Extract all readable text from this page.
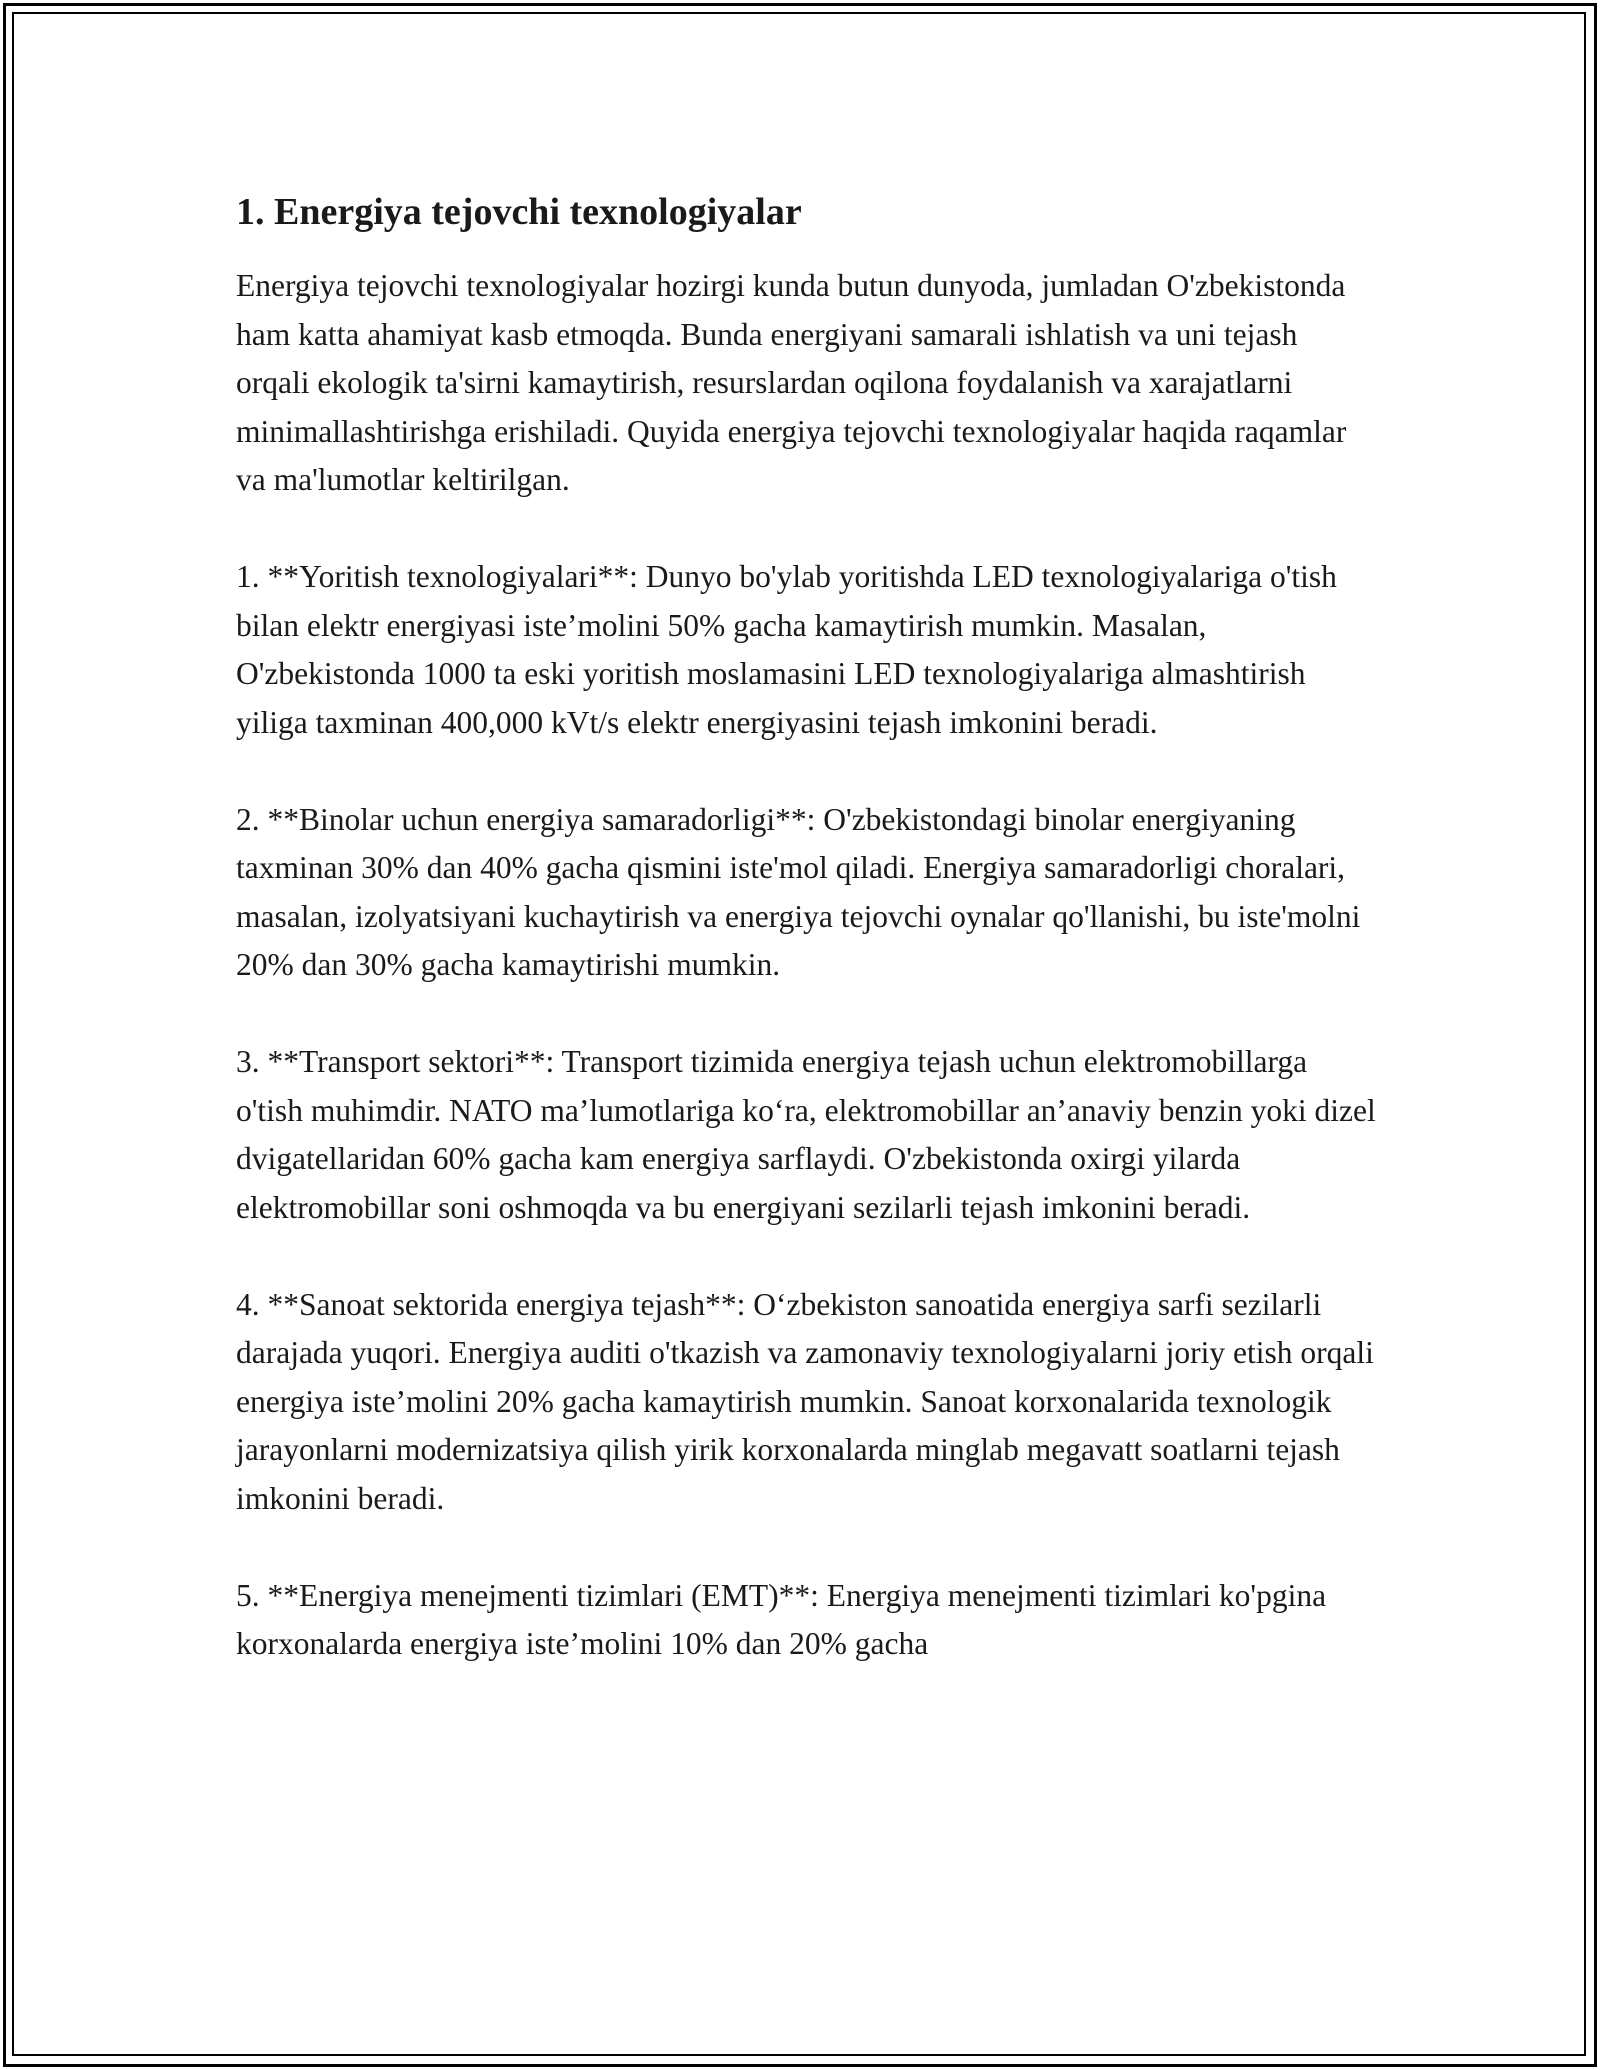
1. Energiya tejovchi texnologiyalar

Energiya tejovchi texnologiyalar hozirgi kunda butun dunyoda, jumladan O'zbekistonda ham katta ahamiyat kasb etmoqda. Bunda energiyani samarali ishlatish va uni tejash orqali ekologik ta'sirni kamaytirish, resurslardan oqilona foydalanish va xarajatlarni minimallashtirishga erishiladi. Quyida energiya tejovchi texnologiyalar haqida raqamlar va ma'lumotlar keltirilgan.

1. **Yoritish texnologiyalari**: Dunyo bo'ylab yoritishda LED texnologiyalariga o'tish bilan elektr energiyasi iste’molini 50% gacha kamaytirish mumkin. Masalan, O'zbekistonda 1000 ta eski yoritish moslamasini LED texnologiyalariga almashtirish yiliga taxminan 400,000 kVt/s elektr energiyasini tejash imkonini beradi.

2. **Binolar uchun energiya samaradorligi**: O'zbekistondagi binolar energiyaning taxminan 30% dan 40% gacha qismini iste'mol qiladi. Energiya samaradorligi choralari, masalan, izolyatsiyani kuchaytirish va energiya tejovchi oynalar qo'llanishi, bu iste'molni 20% dan 30% gacha kamaytirishi mumkin.

3. **Transport sektori**: Transport tizimida energiya tejash uchun elektromobillarga o'tish muhimdir. NATO ma’lumotlariga ko‘ra, elektromobillar an’anaviy benzin yoki dizel dvigatellaridan 60% gacha kam energiya sarflaydi. O'zbekistonda oxirgi yilarda elektromobillar soni oshmoqda va bu energiyani sezilarli tejash imkonini beradi.

4. **Sanoat sektorida energiya tejash**: O‘zbekiston sanoatida energiya sarfi sezilarli darajada yuqori. Energiya auditi o'tkazish va zamonaviy texnologiyalarni joriy etish orqali energiya iste’molini 20% gacha kamaytirish mumkin. Sanoat korxonalarida texnologik jarayonlarni modernizatsiya qilish yirik korxonalarda minglab megavatt soatlarni tejash imkonini beradi.

5. **Energiya menejmenti tizimlari (EMT)**: Energiya menejmenti tizimlari ko'pgina korxonalarda energiya iste’molini 10% dan 20% gacha
